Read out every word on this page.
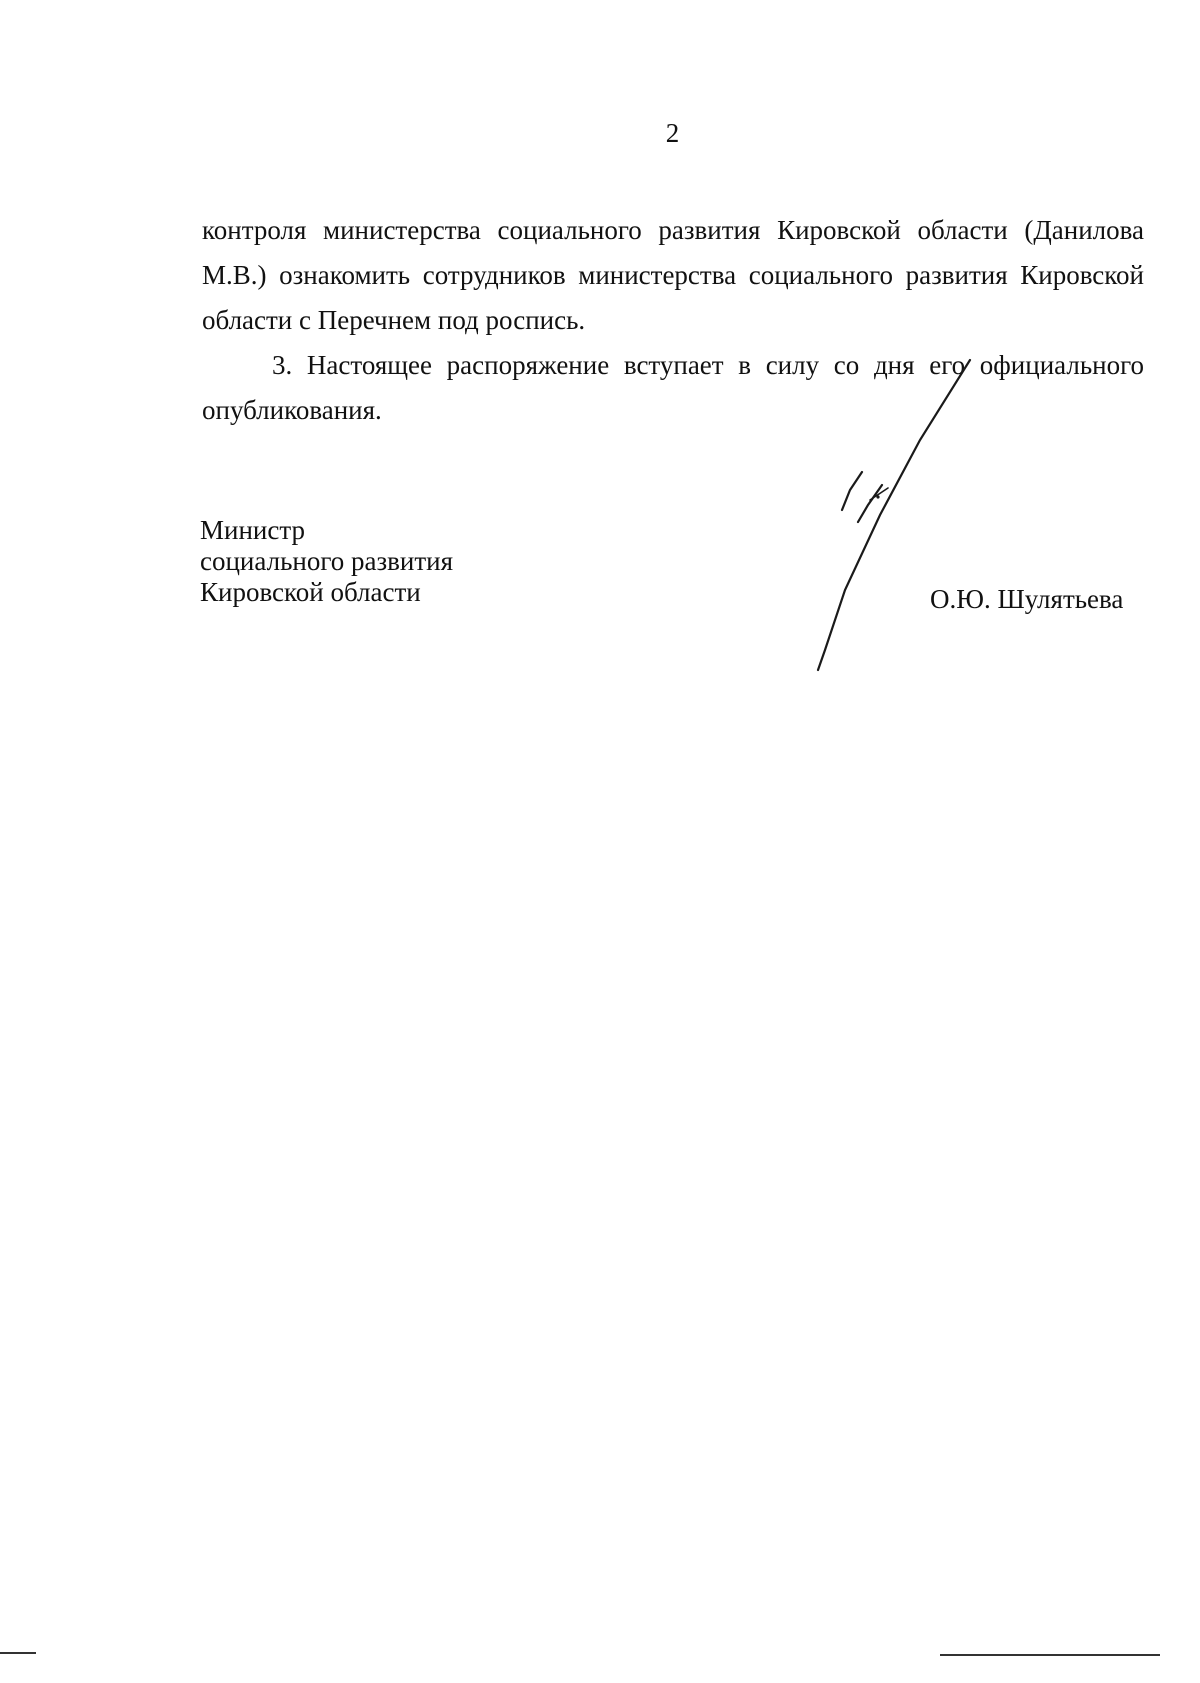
2

контроля министерства социального развития Кировской области (Данилова М.В.) ознакомить сотрудников министерства социального развития Кировской области с Перечнем под роспись.

3. Настоящее распоряжение вступает в силу со дня его официального опубликования.

Министр
социального развития
Кировской области	О.Ю. Шулятьева
